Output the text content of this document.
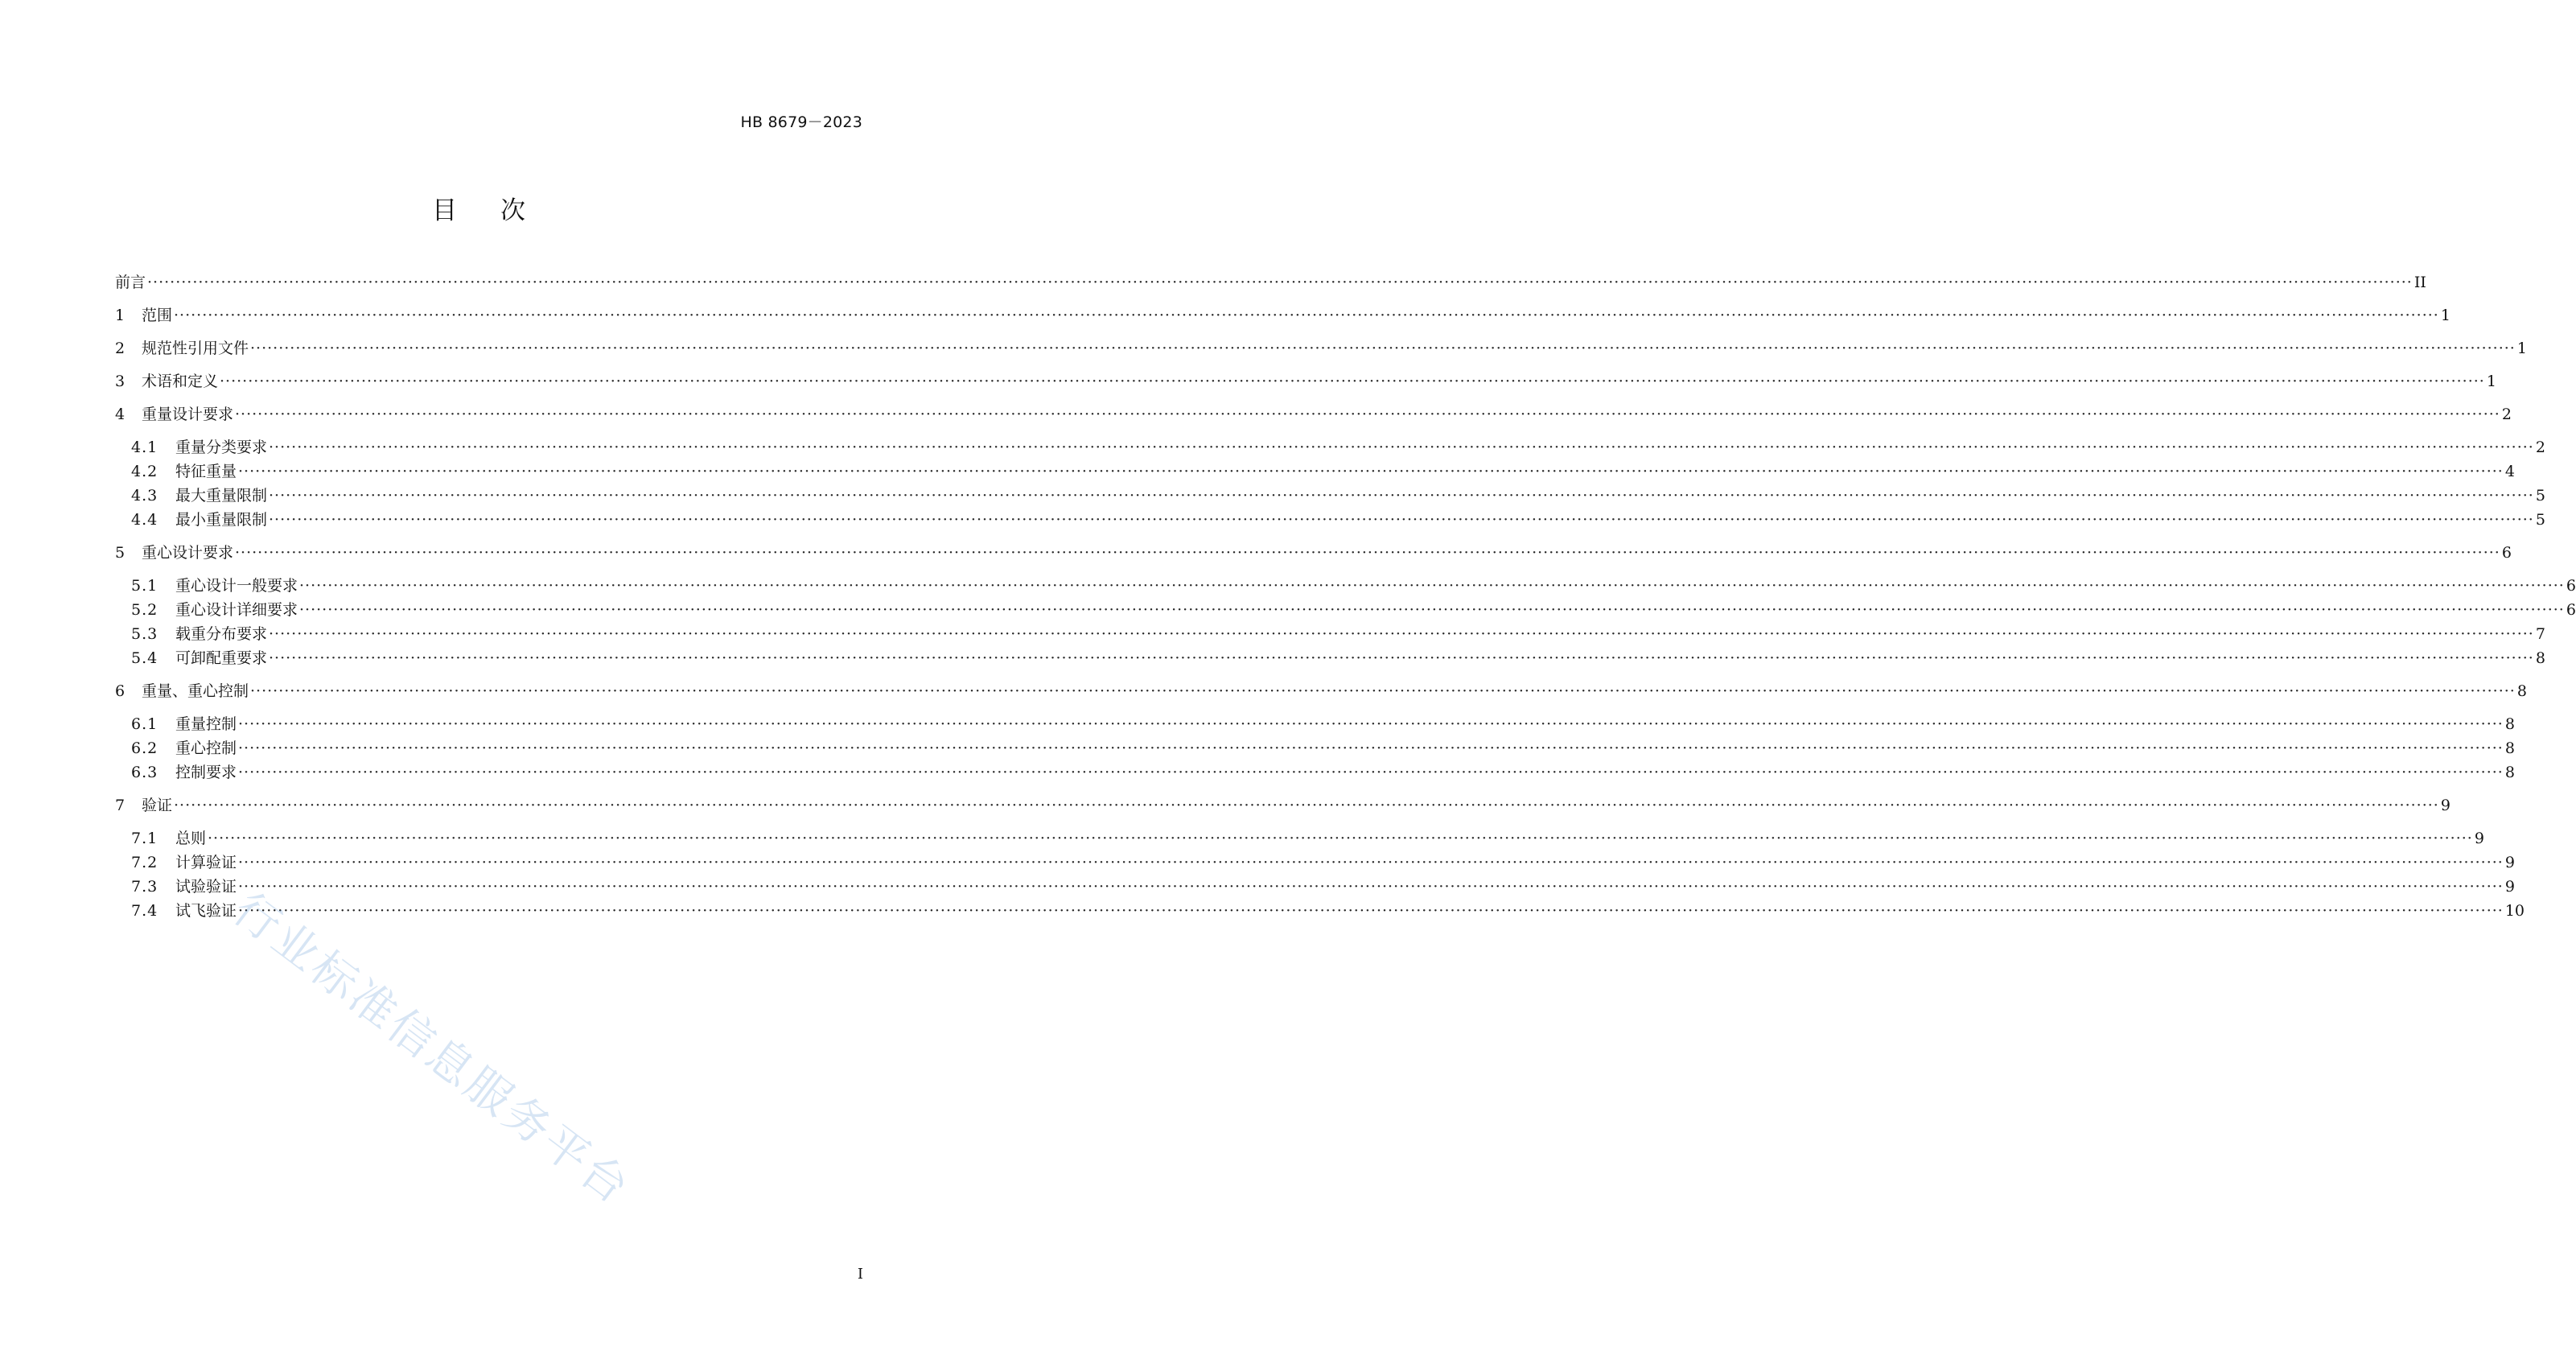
HB 8679－2023
目次
前言 ················································································································································································································································································································································································································ II
1	范围 ················································································································································································································································································································································································································ 1
2	规范性引用文件 ················································································································································································································································································································································································································ 1
3	术语和定义 ················································································································································································································································································································································································································ 1
4	重量设计要求 ················································································································································································································································································································································································································ 2
4.1	重量分类要求 ················································································································································································································································································································································································································ 2
4.2	特征重量 ················································································································································································································································································································································································································ 4
4.3	最大重量限制 ················································································································································································································································································································································································································ 5
4.4	最小重量限制 ················································································································································································································································································································································································································ 5
5	重心设计要求 ················································································································································································································································································································································································································ 6
5.1	重心设计一般要求 ················································································································································································································································································································································································································ 6
5.2	重心设计详细要求 ················································································································································································································································································································································································································ 6
5.3	载重分布要求 ················································································································································································································································································································································································································ 7
5.4	可卸配重要求 ················································································································································································································································································································································································································ 8
6	重量、重心控制 ················································································································································································································································································································································································································ 8
6.1	重量控制 ················································································································································································································································································································································································································ 8
6.2	重心控制 ················································································································································································································································································································································································································ 8
6.3	控制要求 ················································································································································································································································································································································································································ 8
7	验证 ················································································································································································································································································································································································································ 9
7.1	总则 ················································································································································································································································································································································································································ 9
7.2	计算验证 ················································································································································································································································································································································································································ 9
7.3	试验验证 ················································································································································································································································································································································································································ 9
7.4	试飞验证 ················································································································································································································································································································································································································ 10
I
行业标准信息服务平台
